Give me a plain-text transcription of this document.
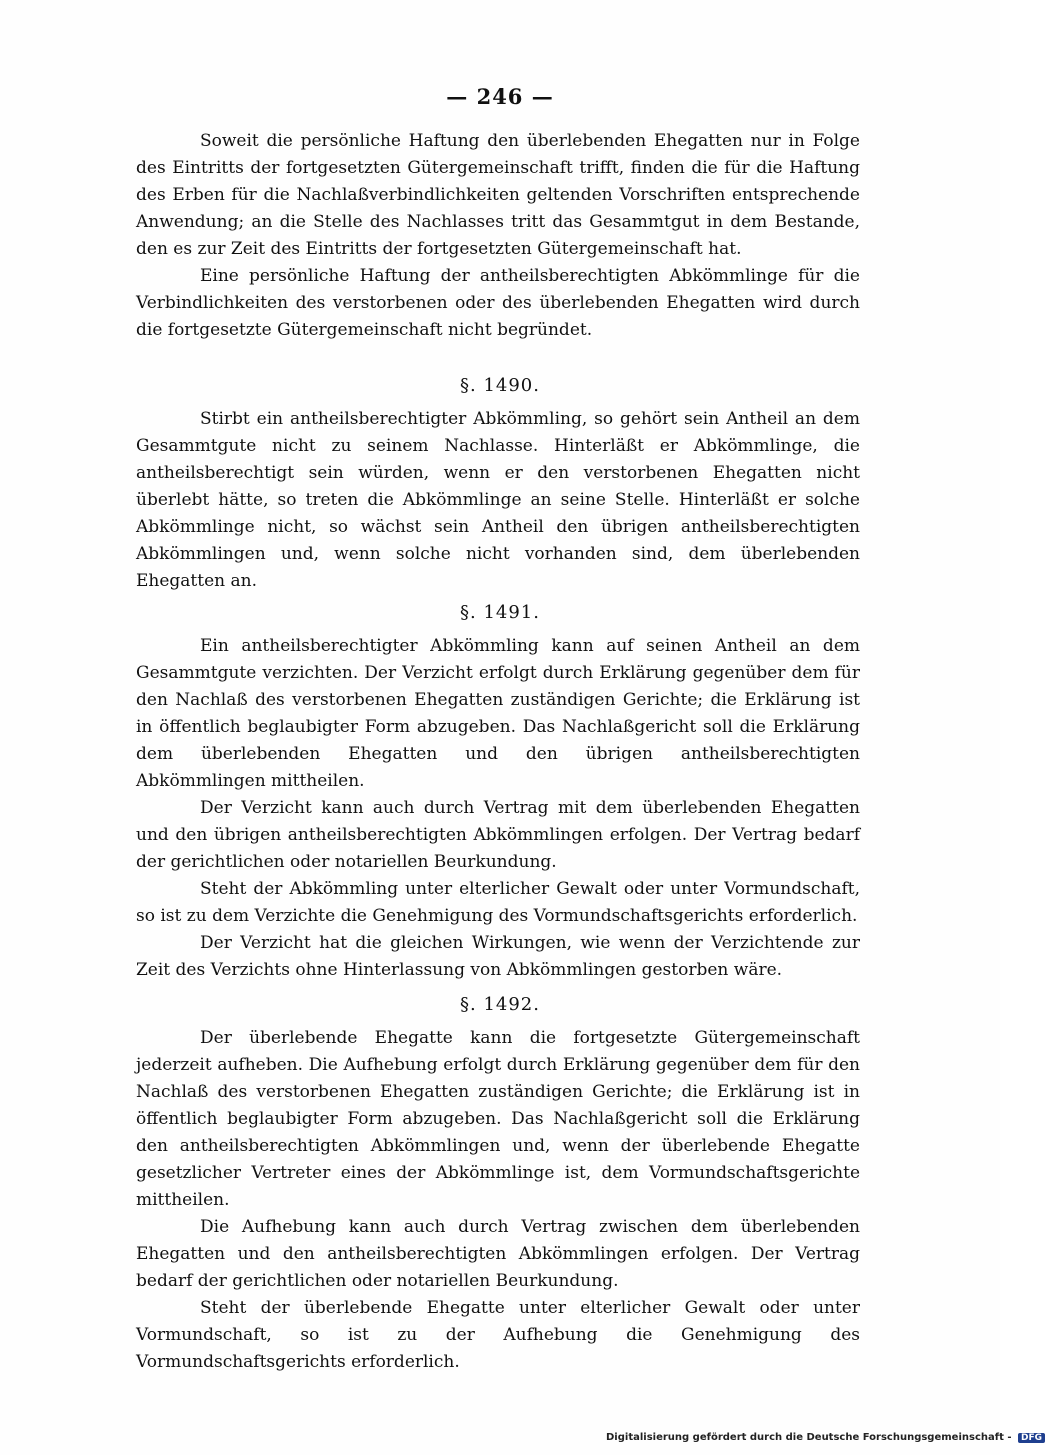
— 246 —

Soweit die persönliche Haftung den überlebenden Ehegatten nur in Folge des Eintritts der fortgesetzten Gütergemeinschaft trifft, finden die für die Haftung des Erben für die Nachlaßverbindlichkeiten geltenden Vorschriften entsprechende Anwendung; an die Stelle des Nachlasses tritt das Gesammtgut in dem Bestande, den es zur Zeit des Eintritts der fortgesetzten Gütergemeinschaft hat.

Eine persönliche Haftung der antheilsberechtigten Abkömmlinge für die Verbindlichkeiten des verstorbenen oder des überlebenden Ehegatten wird durch die fortgesetzte Gütergemeinschaft nicht begründet.

§. 1490.

Stirbt ein antheilsberechtigter Abkömmling, so gehört sein Antheil an dem Gesammtgute nicht zu seinem Nachlasse. Hinterläßt er Abkömmlinge, die antheilsberechtigt sein würden, wenn er den verstorbenen Ehegatten nicht überlebt hätte, so treten die Abkömmlinge an seine Stelle. Hinterläßt er solche Abkömmlinge nicht, so wächst sein Antheil den übrigen antheilsberechtigten Abkömmlingen und, wenn solche nicht vorhanden sind, dem überlebenden Ehegatten an.

§. 1491.

Ein antheilsberechtigter Abkömmling kann auf seinen Antheil an dem Gesammtgute verzichten. Der Verzicht erfolgt durch Erklärung gegenüber dem für den Nachlaß des verstorbenen Ehegatten zuständigen Gerichte; die Erklärung ist in öffentlich beglaubigter Form abzugeben. Das Nachlaßgericht soll die Erklärung dem überlebenden Ehegatten und den übrigen antheilsberechtigten Abkömmlingen mittheilen.

Der Verzicht kann auch durch Vertrag mit dem überlebenden Ehegatten und den übrigen antheilsberechtigten Abkömmlingen erfolgen. Der Vertrag bedarf der gerichtlichen oder notariellen Beurkundung.

Steht der Abkömmling unter elterlicher Gewalt oder unter Vormundschaft, so ist zu dem Verzichte die Genehmigung des Vormundschaftsgerichts erforderlich.

Der Verzicht hat die gleichen Wirkungen, wie wenn der Verzichtende zur Zeit des Verzichts ohne Hinterlassung von Abkömmlingen gestorben wäre.

§. 1492.

Der überlebende Ehegatte kann die fortgesetzte Gütergemeinschaft jederzeit aufheben. Die Aufhebung erfolgt durch Erklärung gegenüber dem für den Nachlaß des verstorbenen Ehegatten zuständigen Gerichte; die Erklärung ist in öffentlich beglaubigter Form abzugeben. Das Nachlaßgericht soll die Erklärung den antheilsberechtigten Abkömmlingen und, wenn der überlebende Ehegatte gesetzlicher Vertreter eines der Abkömmlinge ist, dem Vormundschaftsgerichte mittheilen.

Die Aufhebung kann auch durch Vertrag zwischen dem überlebenden Ehegatten und den antheilsberechtigten Abkömmlingen erfolgen. Der Vertrag bedarf der gerichtlichen oder notariellen Beurkundung.

Steht der überlebende Ehegatte unter elterlicher Gewalt oder unter Vormundschaft, so ist zu der Aufhebung die Genehmigung des Vormundschaftsgerichts erforderlich.

Digitalisierung gefördert durch die Deutsche Forschungsgemeinschaft - DFG
